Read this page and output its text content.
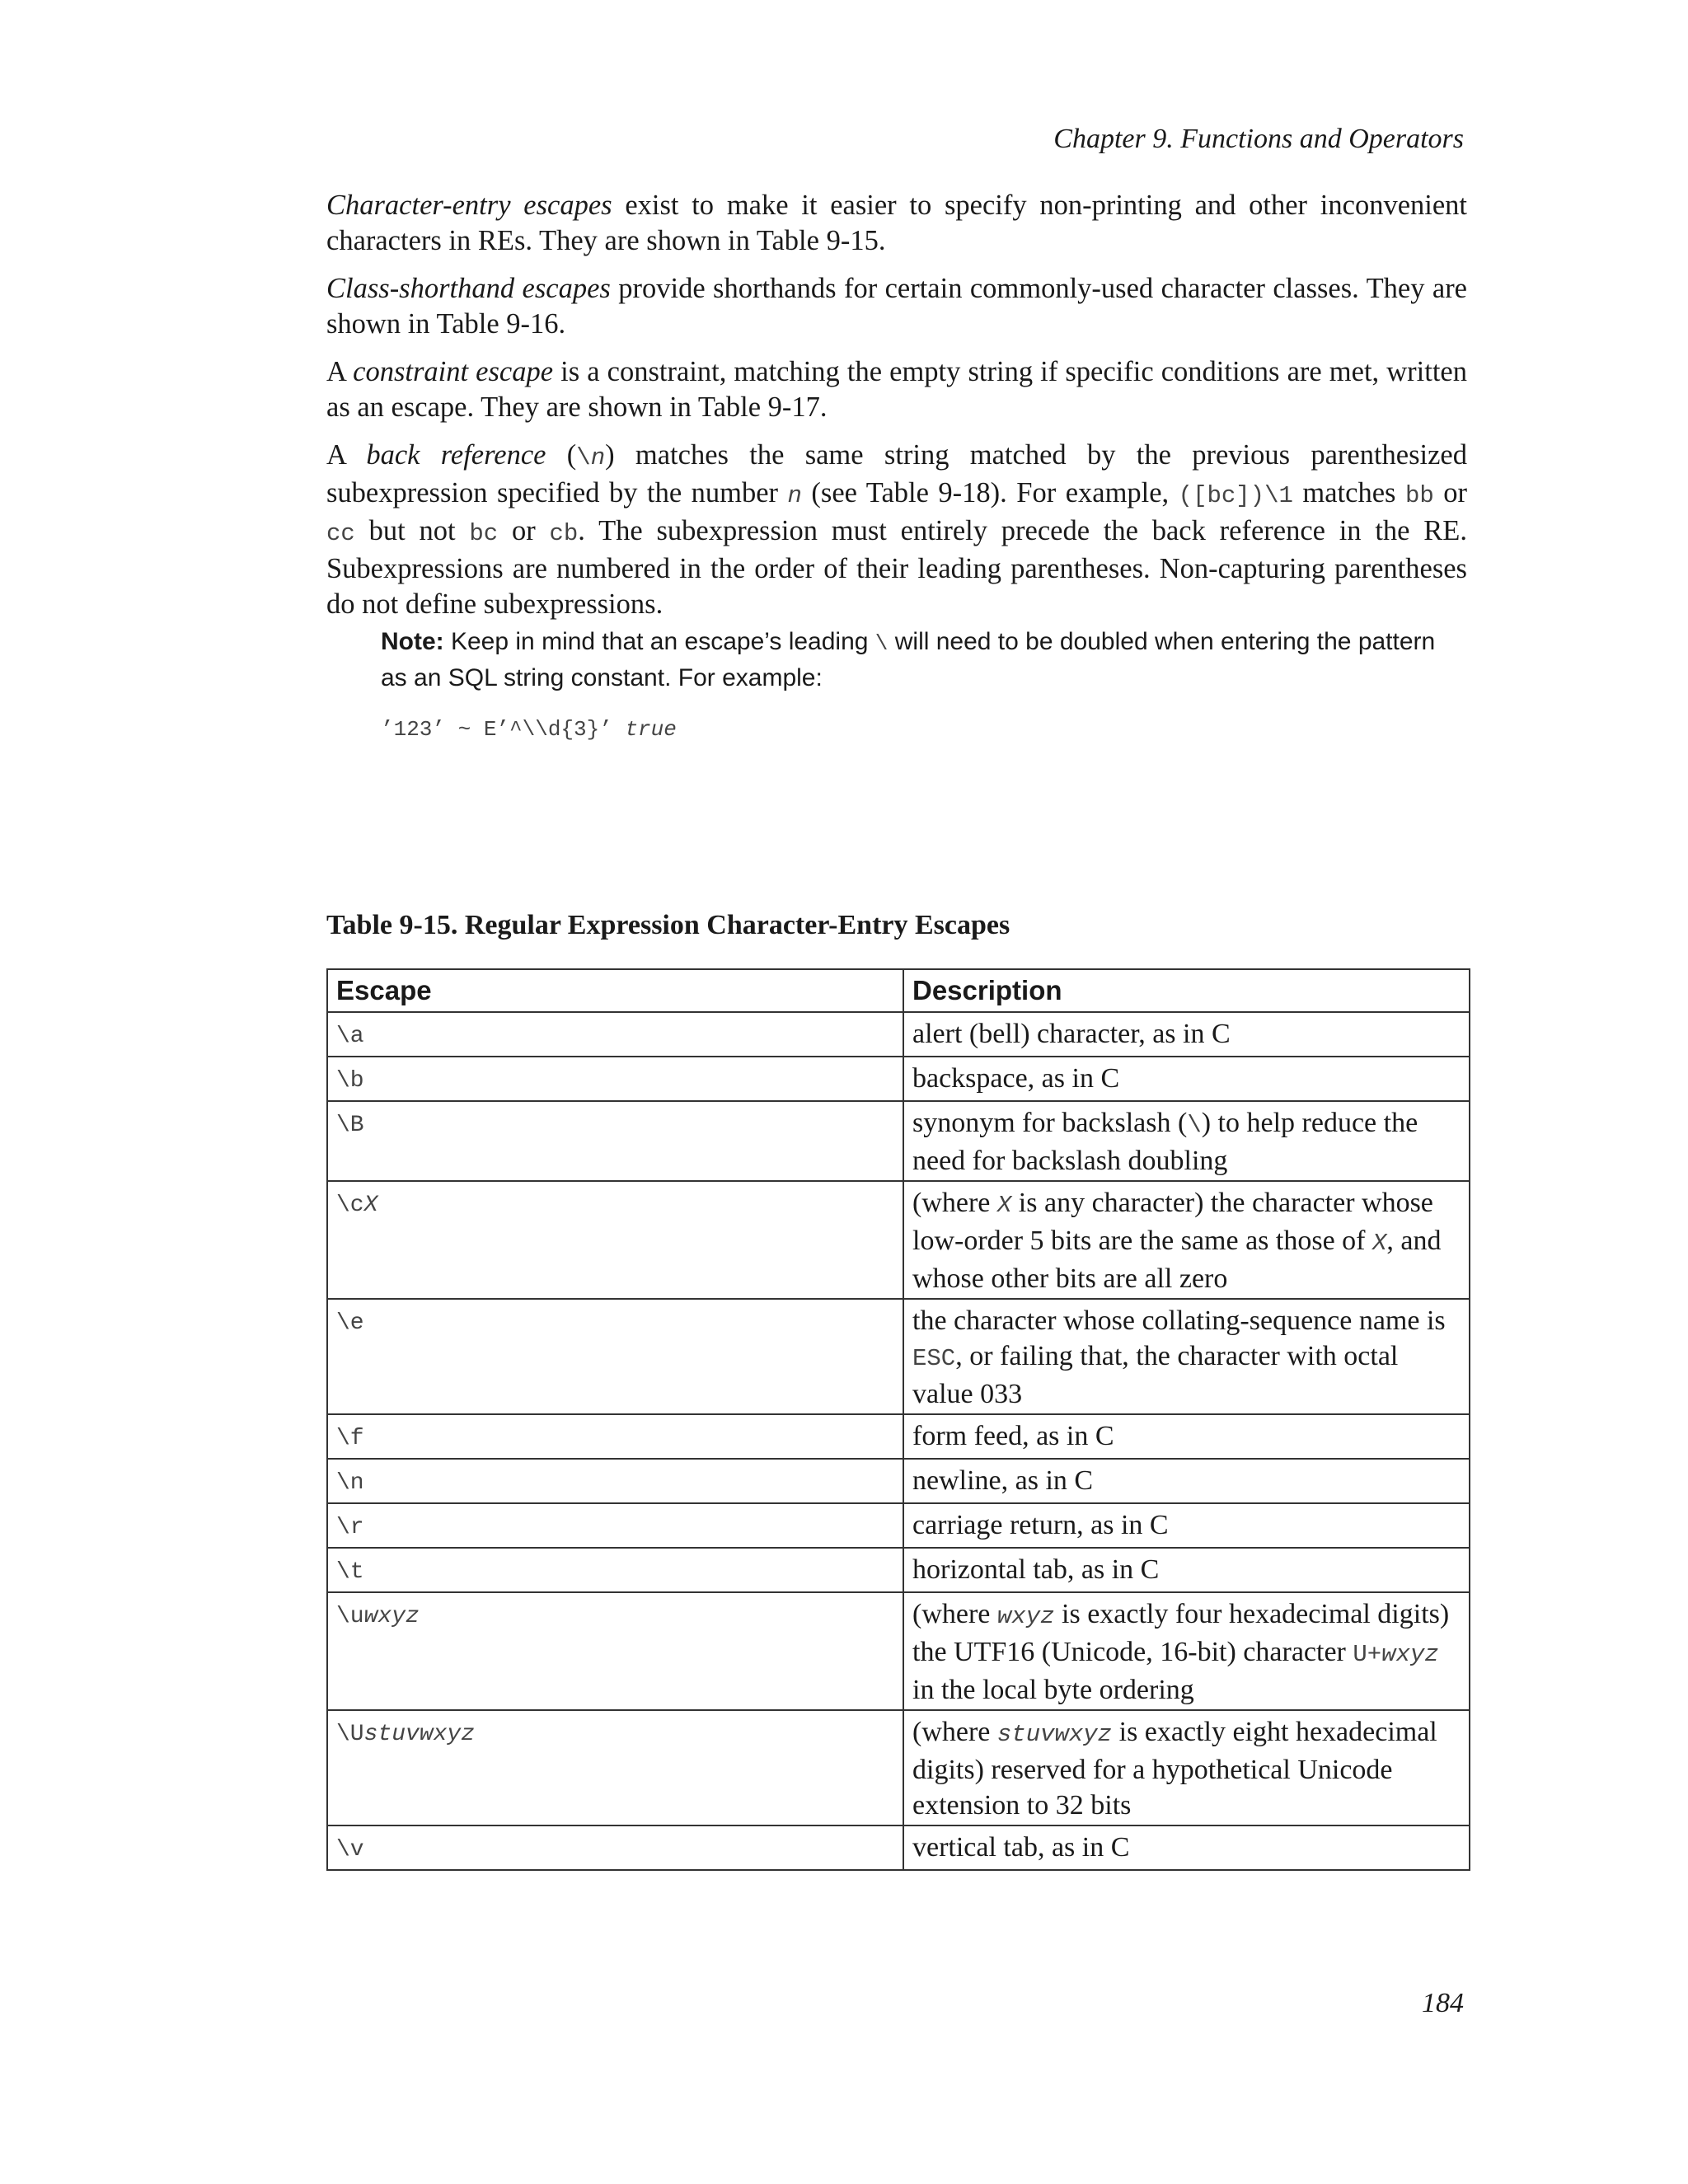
Chapter 9. Functions and Operators

Character-entry escapes exist to make it easier to specify non-printing and other inconvenient characters in REs. They are shown in Table 9-15.

Class-shorthand escapes provide shorthands for certain commonly-used character classes. They are shown in Table 9-16.

A constraint escape is a constraint, matching the empty string if specific conditions are met, written as an escape. They are shown in Table 9-17.

A back reference (\n) matches the same string matched by the previous parenthesized subexpression specified by the number n (see Table 9-18). For example, ([bc])\1 matches bb or cc but not bc or cb. The subexpression must entirely precede the back reference in the RE. Subexpressions are numbered in the order of their leading parentheses. Non-capturing parentheses do not define subexpressions.

Note: Keep in mind that an escape’s leading \ will need to be doubled when entering the pattern as an SQL string constant. For example:

’123’ ~ E’^\\d{3}’ true
Table 9-15. Regular Expression Character-Entry Escapes
Escape	Description
\a	alert (bell) character, as in C
\b	backspace, as in C
\B	synonym for backslash (\) to help reduce the need for backslash doubling
\cX	(where X is any character) the character whose low-order 5 bits are the same as those of X, and whose other bits are all zero
\e	the character whose collating-sequence name is ESC, or failing that, the character with octal value 033
\f	form feed, as in C
\n	newline, as in C
\r	carriage return, as in C
\t	horizontal tab, as in C
\uwxyz	(where wxyz is exactly four hexadecimal digits) the UTF16 (Unicode, 16-bit) character U+wxyz in the local byte ordering
\Ustuvwxyz	(where stuvwxyz is exactly eight hexadecimal digits) reserved for a hypothetical Unicode extension to 32 bits
\v	vertical tab, as in C
184
